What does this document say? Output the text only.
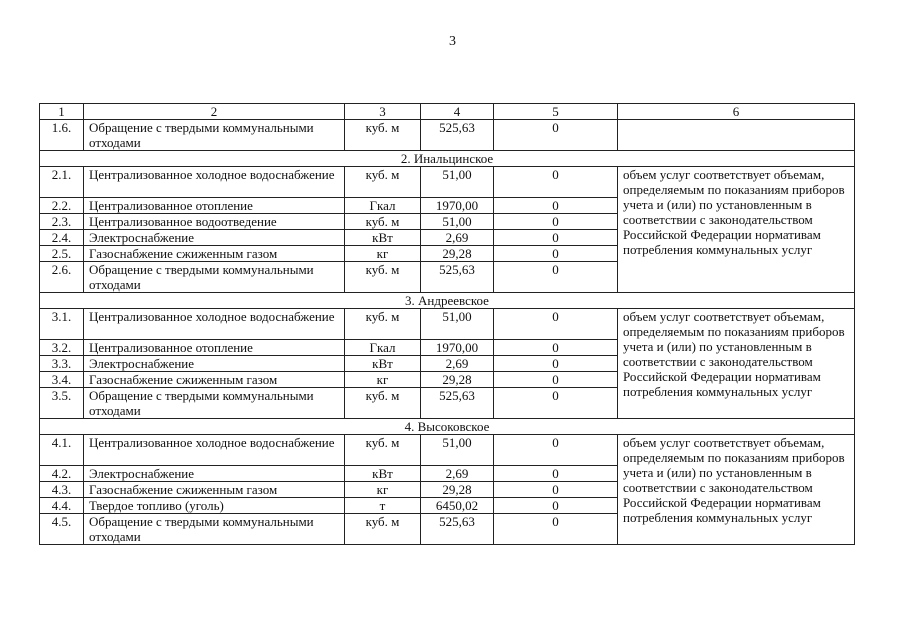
3
1	2	3	4	5	6
1.6.	Обращение с твердыми коммунальными отходами	куб. м	525,63	0	
2. Инальцинское					
2.1.	Централизованное холодное водоснабжение	куб. м	51,00	0	объем услуг соответствует объемам, определяемым по показаниям приборов учета и (или) по установленным в соответствии с законодательством Российской Федерации нормативам потребления коммунальных услуг
2.2.	Централизованное отопление	Гкал	1970,00	0	
2.3.	Централизованное водоотведение	куб. м	51,00	0	
2.4.	Электроснабжение	кВт	2,69	0	
2.5.	Газоснабжение сжиженным газом	кг	29,28	0	
2.6.	Обращение с твердыми коммунальными отходами	куб. м	525,63	0	
3. Андреевское					
3.1.	Централизованное холодное водоснабжение	куб. м	51,00	0	объем услуг соответствует объемам, определяемым по показаниям приборов учета и (или) по установленным в соответствии с законодательством Российской Федерации нормативам потребления коммунальных услуг
3.2.	Централизованное отопление	Гкал	1970,00	0	
3.3.	Электроснабжение	кВт	2,69	0	
3.4.	Газоснабжение сжиженным газом	кг	29,28	0	
3.5.	Обращение с твердыми коммунальными отходами	куб. м	525,63	0	
4. Высоковское					
4.1.	Централизованное холодное водоснабжение	куб. м	51,00	0	объем услуг соответствует объемам, определяемым по показаниям приборов учета и (или) по установленным в соответствии с законодательством Российской Федерации нормативам потребления коммунальных услуг
4.2.	Электроснабжение	кВт	2,69	0	
4.3.	Газоснабжение сжиженным газом	кг	29,28	0	
4.4.	Твердое топливо (уголь)	т	6450,02	0	
4.5.	Обращение с твердыми коммунальными отходами	куб. м	525,63	0	
